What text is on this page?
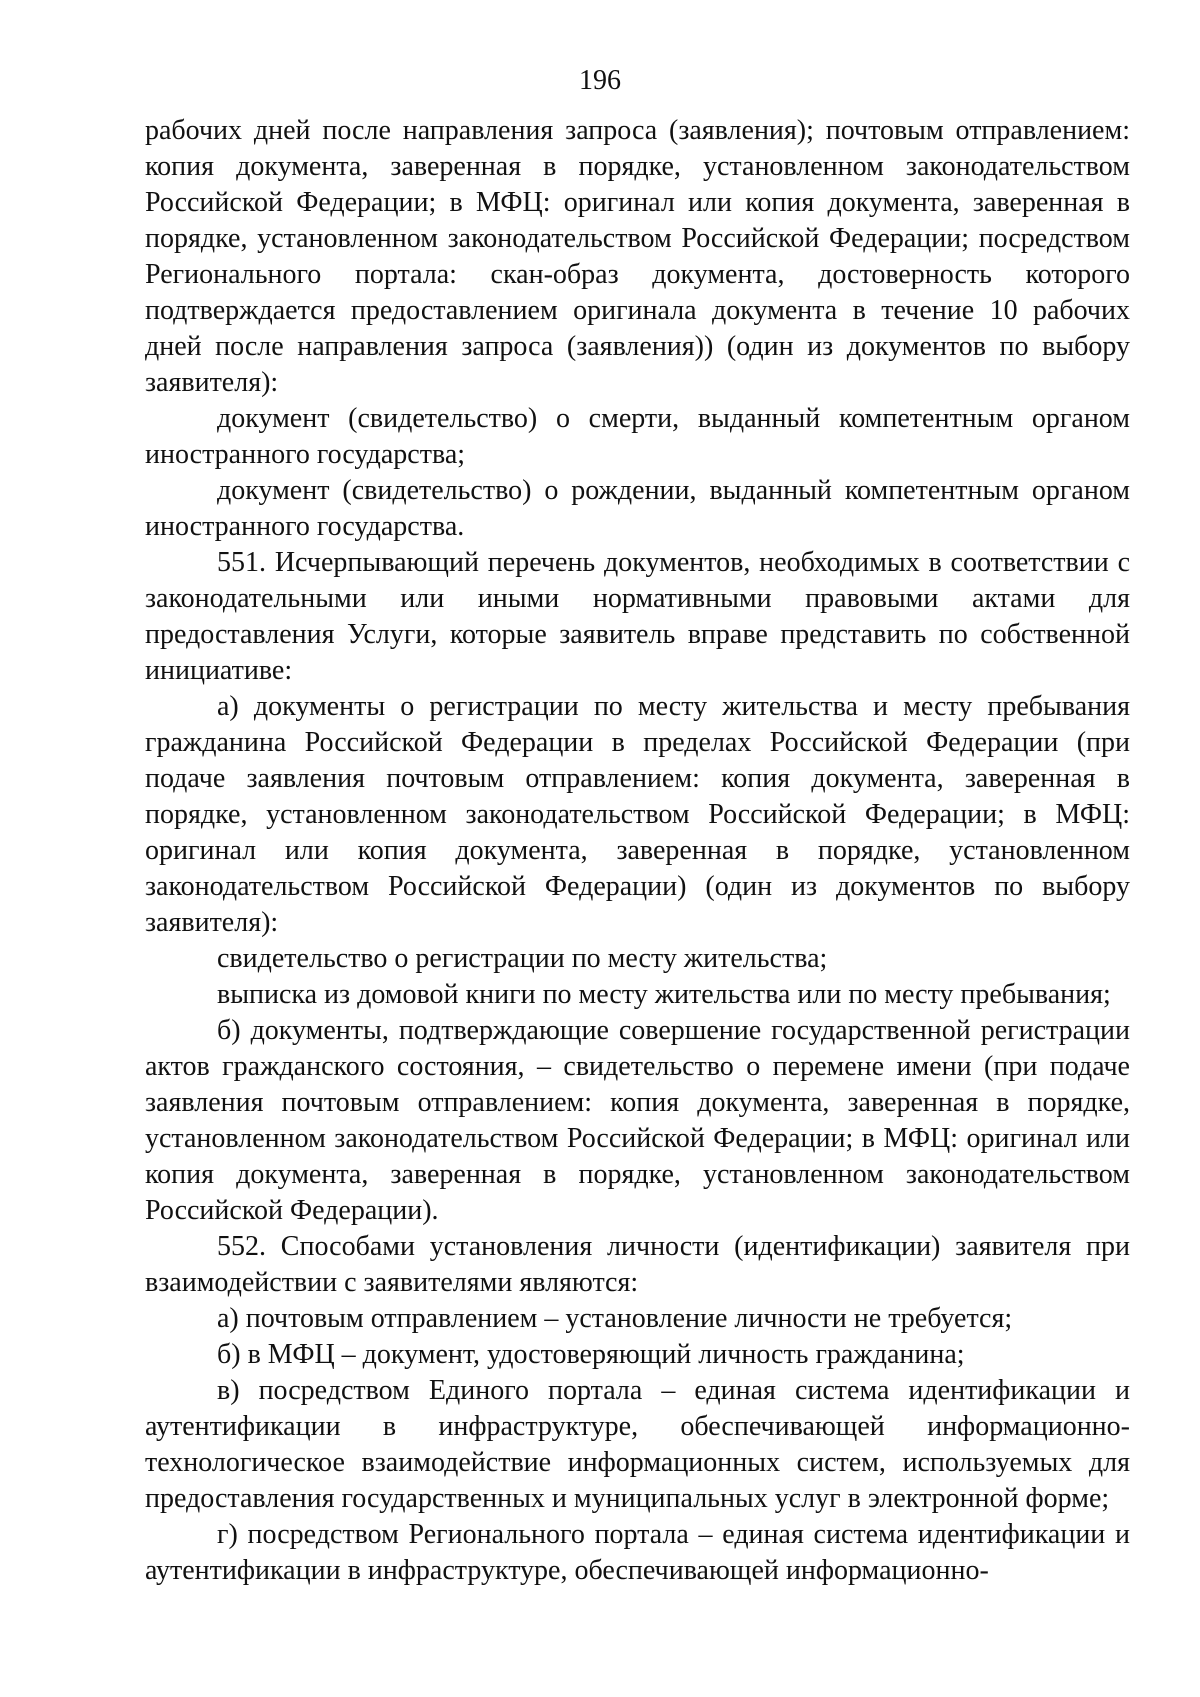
196

рабочих дней после направления запроса (заявления); почтовым отправлением: копия документа, заверенная в порядке, установленном законодательством Российской Федерации; в МФЦ: оригинал или копия документа, заверенная в порядке, установленном законодательством Российской Федерации; посредством Регионального портала: скан-образ документа, достоверность которого подтверждается предоставлением оригинала документа в течение 10 рабочих дней после направления запроса (заявления)) (один из документов по выбору заявителя):

документ (свидетельство) о смерти, выданный компетентным органом иностранного государства;

документ (свидетельство) о рождении, выданный компетентным органом иностранного государства.

551. Исчерпывающий перечень документов, необходимых в соответствии с законодательными или иными нормативными правовыми актами для предоставления Услуги, которые заявитель вправе представить по собственной инициативе:

а) документы о регистрации по месту жительства и месту пребывания гражданина Российской Федерации в пределах Российской Федерации (при подаче заявления почтовым отправлением: копия документа, заверенная в порядке, установленном законодательством Российской Федерации; в МФЦ: оригинал или копия документа, заверенная в порядке, установленном законодательством Российской Федерации) (один из документов по выбору заявителя):

свидетельство о регистрации по месту жительства;

выписка из домовой книги по месту жительства или по месту пребывания;

б) документы, подтверждающие совершение государственной регистрации актов гражданского состояния, – свидетельство о перемене имени (при подаче заявления почтовым отправлением: копия документа, заверенная в порядке, установленном законодательством Российской Федерации; в МФЦ: оригинал или копия документа, заверенная в порядке, установленном законодательством Российской Федерации).

552. Способами установления личности (идентификации) заявителя при взаимодействии с заявителями являются:

а) почтовым отправлением – установление личности не требуется;

б) в МФЦ – документ, удостоверяющий личность гражданина;

в) посредством Единого портала – единая система идентификации и аутентификации в инфраструктуре, обеспечивающей информационно-технологическое взаимодействие информационных систем, используемых для предоставления государственных и муниципальных услуг в электронной форме;

г) посредством Регионального портала – единая система идентификации и аутентификации в инфраструктуре, обеспечивающей информационно-
